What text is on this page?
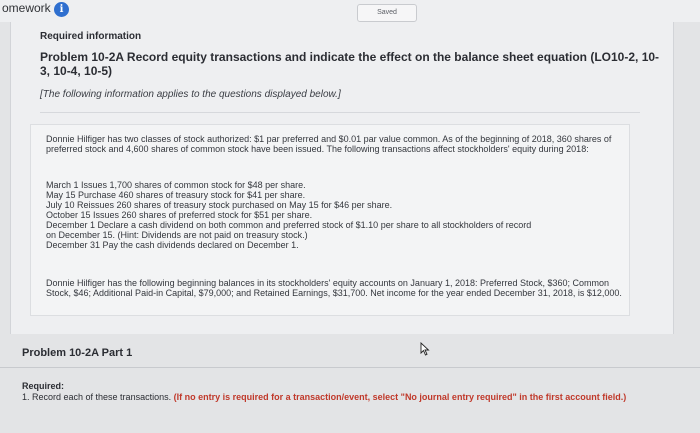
omework i	Saved
Required information
Problem 10-2A Record equity transactions and indicate the effect on the balance sheet equation (LO10-2, 10-3, 10-4, 10-5)
[The following information applies to the questions displayed below.]
Donnie Hilfiger has two classes of stock authorized: $1 par preferred and $0.01 par value common. As of the beginning of 2018, 360 shares of preferred stock and 4,600 shares of common stock have been issued. The following transactions affect stockholders' equity during 2018:
March 1 Issues 1,700 shares of common stock for $48 per share.
May 15 Purchase 460 shares of treasury stock for $41 per share.
July 10 Reissues 260 shares of treasury stock purchased on May 15 for $46 per share.
October 15 Issues 260 shares of preferred stock for $51 per share.
December 1 Declare a cash dividend on both common and preferred stock of $1.10 per share to all stockholders of record
on December 15. (Hint: Dividends are not paid on treasury stock.)
December 31 Pay the cash dividends declared on December 1.
Donnie Hilfiger has the following beginning balances in its stockholders' equity accounts on January 1, 2018: Preferred Stock, $360; Common Stock, $46; Additional Paid-in Capital, $79,000; and Retained Earnings, $31,700. Net income for the year ended December 31, 2018, is $12,000.
Problem 10-2A Part 1
Required:
1. Record each of these transactions. (If no entry is required for a transaction/event, select "No journal entry required" in the first account field.)
